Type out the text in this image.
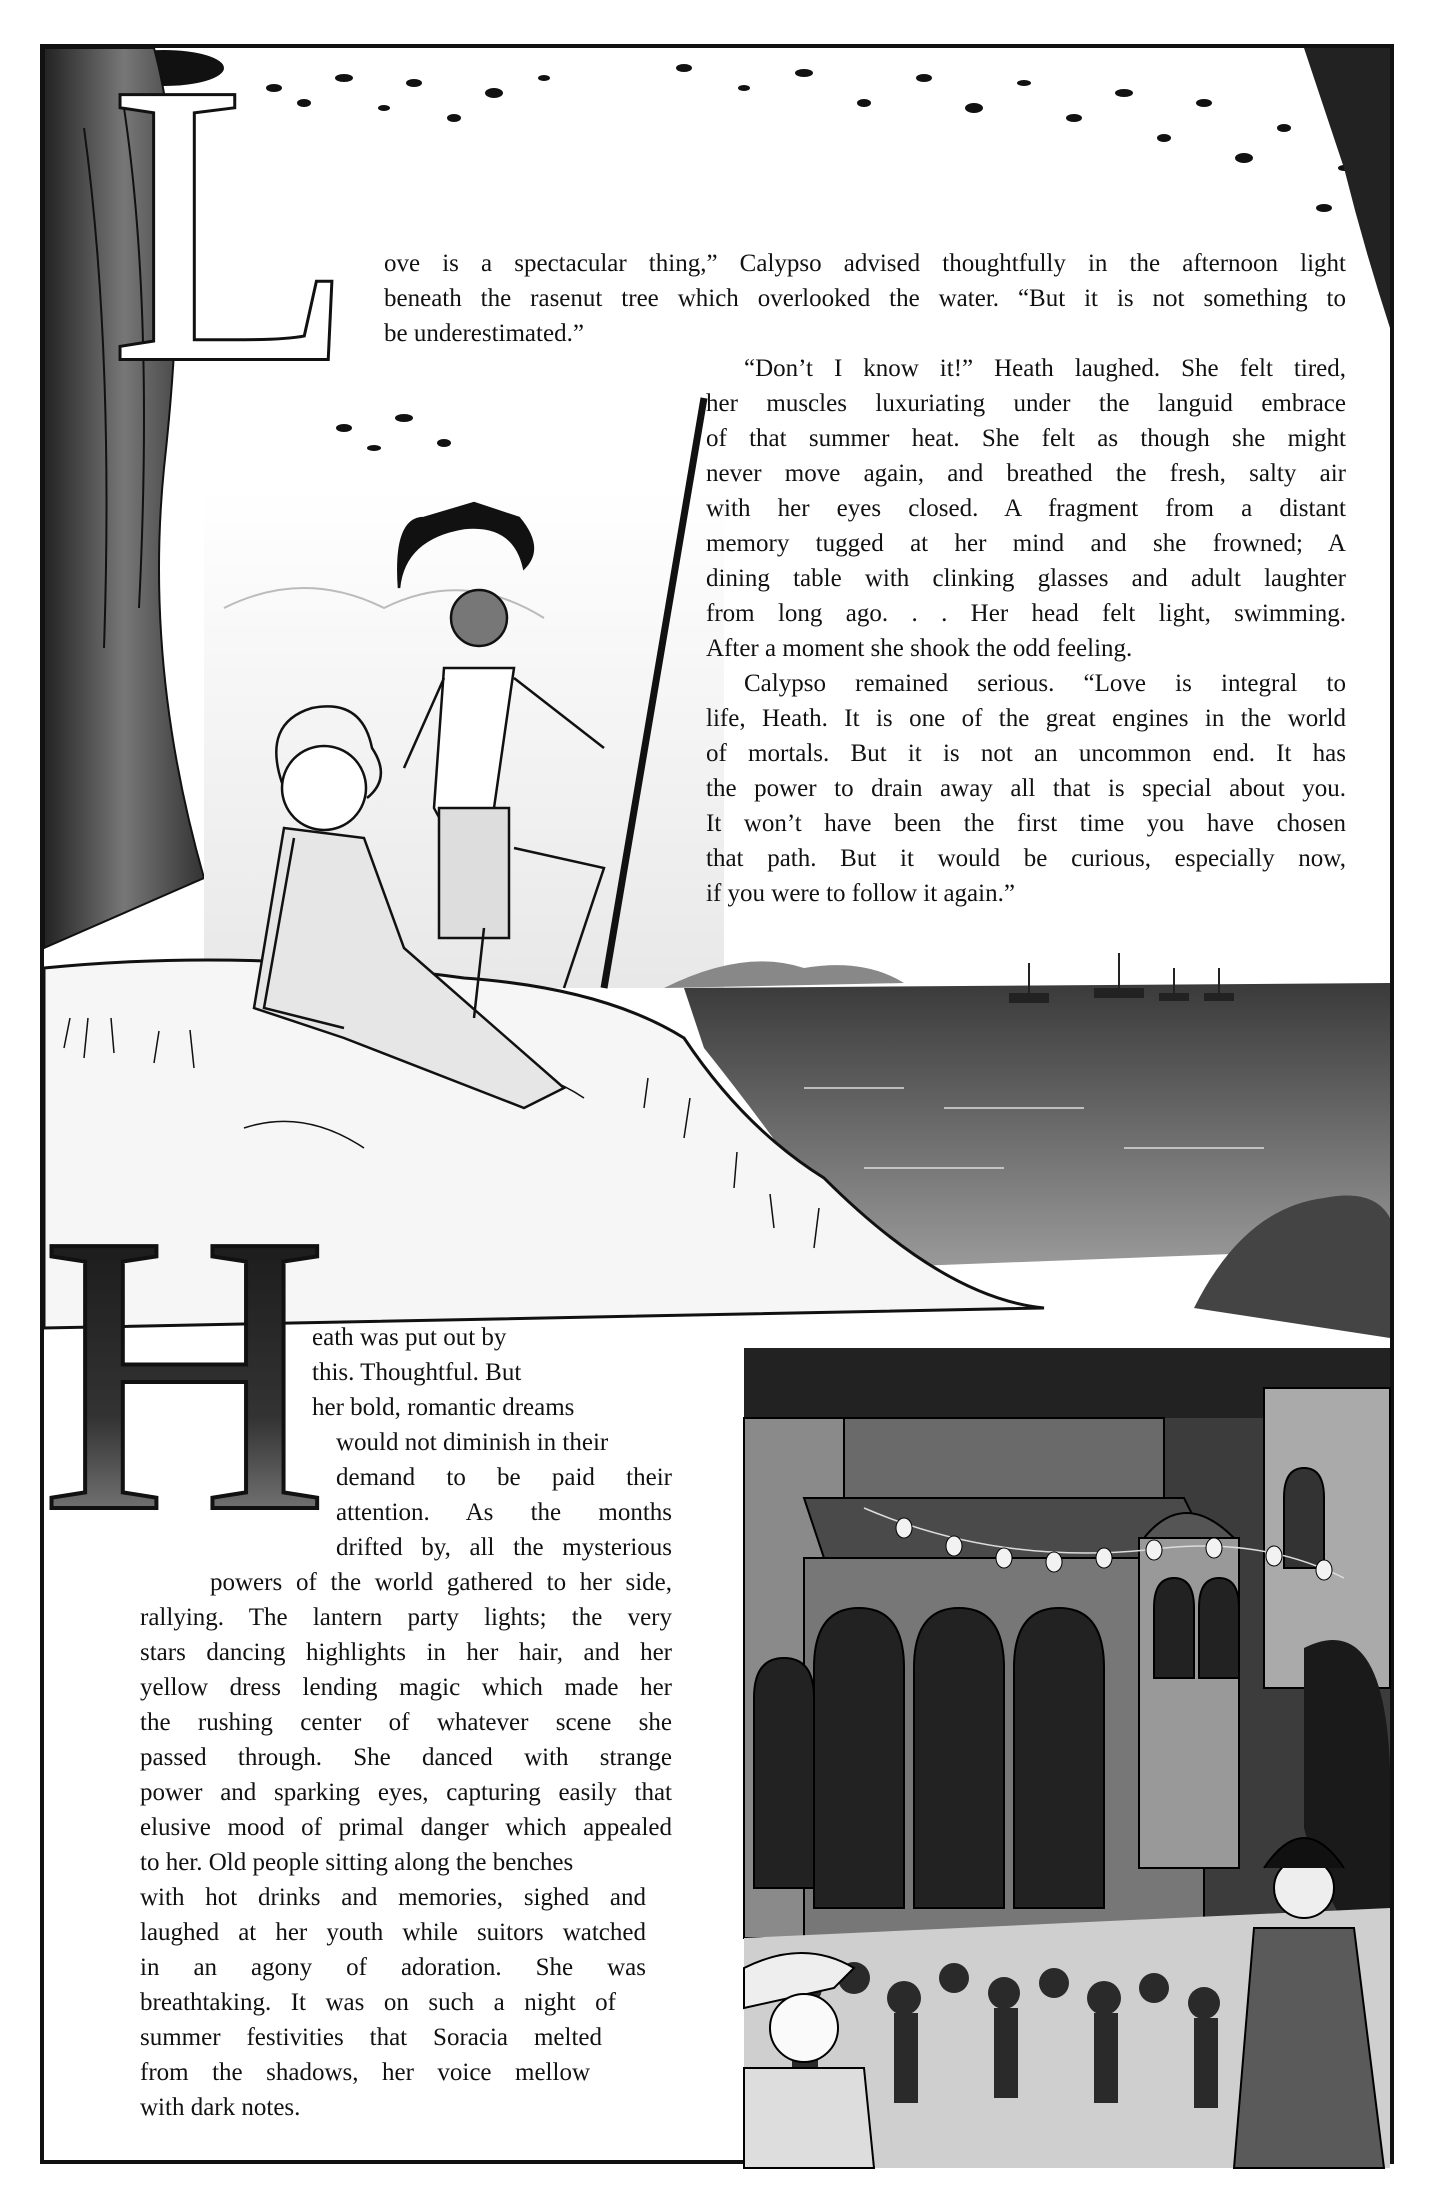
L
H
ove is a spectacular thing,” Calypso advised thoughtfully in the afternoon light
beneath the rasenut tree which overlooked the water. “But it is not something to
be underestimated.”
“Don’t I know it!” Heath laughed. She felt tired,
her muscles luxuriating under the languid embrace
of that summer heat. She felt as though she might
never move again, and breathed the fresh, salty air
with her eyes closed. A fragment from a distant
memory tugged at her mind and she frowned; A
dining table with clinking glasses and adult laughter
from long ago. . . Her head felt light, swimming.
After a moment she shook the odd feeling.
Calypso remained serious. “Love is integral to
life, Heath. It is one of the great engines in the world
of mortals. But it is not an uncommon end. It has
the power to drain away all that is special about you.
It won’t have been the first time you have chosen
that path. But it would be curious, especially now,
if you were to follow it again.”
eath was put out by
this. Thoughtful. But
her bold, romantic dreams
would not diminish in their
demand to be paid their
attention. As the months
drifted by, all the mysterious
powers of the world gathered to her side,
rallying. The lantern party lights; the very
stars dancing highlights in her hair, and her
yellow dress lending magic which made her
the rushing center of whatever scene she
passed through. She danced with strange
power and sparking eyes, capturing easily that
elusive mood of primal danger which appealed
to her. Old people sitting along the benches
with hot drinks and memories, sighed and
laughed at her youth while suitors watched
in an agony of adoration. She was
breathtaking. It was on such a night of
summer festivities that Soracia melted
from the shadows, her voice mellow
with dark notes.
